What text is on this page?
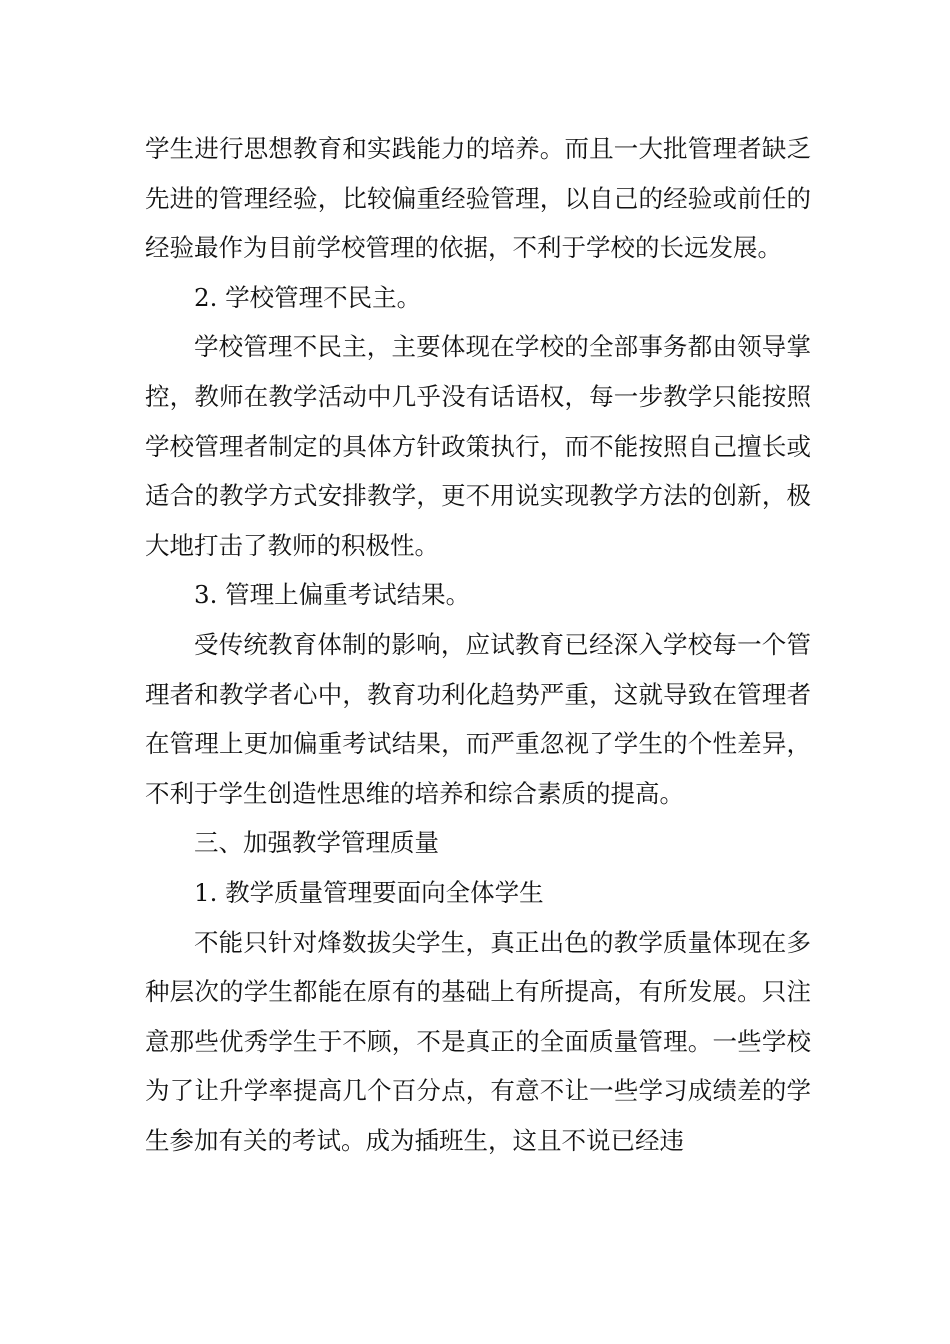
学生进行思想教育和实践能力的培养。而且一大批管理者缺乏先进的管理经验，比较偏重经验管理，以自己的经验或前任的经验最作为目前学校管理的依据，不利于学校的长远发展。

2. 学校管理不民主。

学校管理不民主，主要体现在学校的全部事务都由领导掌控，教师在教学活动中几乎没有话语权，每一步教学只能按照学校管理者制定的具体方针政策执行，而不能按照自己擅长或适合的教学方式安排教学，更不用说实现教学方法的创新，极大地打击了教师的积极性。

3. 管理上偏重考试结果。

受传统教育体制的影响，应试教育已经深入学校每一个管理者和教学者心中，教育功利化趋势严重，这就导致在管理者在管理上更加偏重考试结果，而严重忽视了学生的个性差异，不利于学生创造性思维的培养和综合素质的提高。

三、加强教学管理质量

1. 教学质量管理要面向全体学生

不能只针对烽数拔尖学生，真正出色的教学质量体现在多种层次的学生都能在原有的基础上有所提高，有所发展。只注意那些优秀学生于不顾，不是真正的全面质量管理。一些学校为了让升学率提高几个百分点，有意不让一些学习成绩差的学生参加有关的考试。成为插班生，这且不说已经违
